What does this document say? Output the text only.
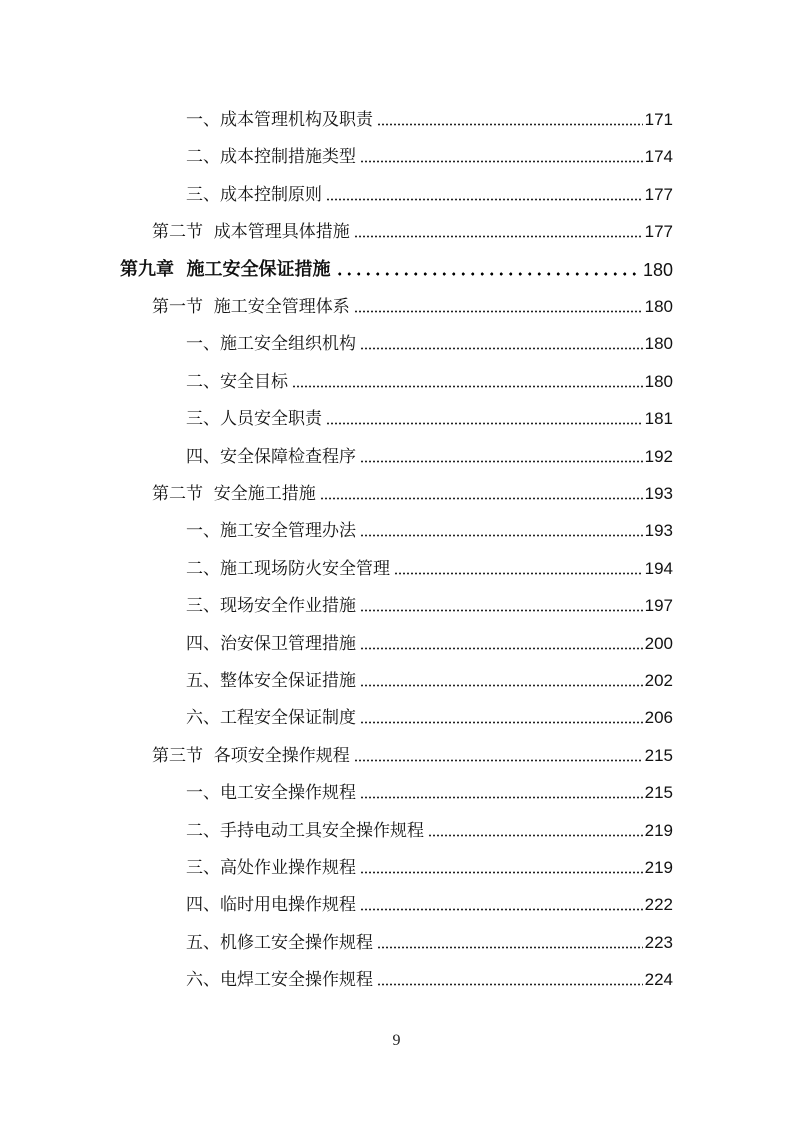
一、成本管理机构及职责	171
二、成本控制措施类型	174
三、成本控制原则	177
第二节  成本管理具体措施	177
第九章  施工安全保证措施	180
第一节  施工安全管理体系	180
一、施工安全组织机构	180
二、安全目标	180
三、人员安全职责	181
四、安全保障检查程序	192
第二节  安全施工措施	193
一、施工安全管理办法	193
二、施工现场防火安全管理	194
三、现场安全作业措施	197
四、治安保卫管理措施	200
五、整体安全保证措施	202
六、工程安全保证制度	206
第三节  各项安全操作规程	215
一、电工安全操作规程	215
二、手持电动工具安全操作规程	219
三、高处作业操作规程	219
四、临时用电操作规程	222
五、机修工安全操作规程	223
六、电焊工安全操作规程	224
9
